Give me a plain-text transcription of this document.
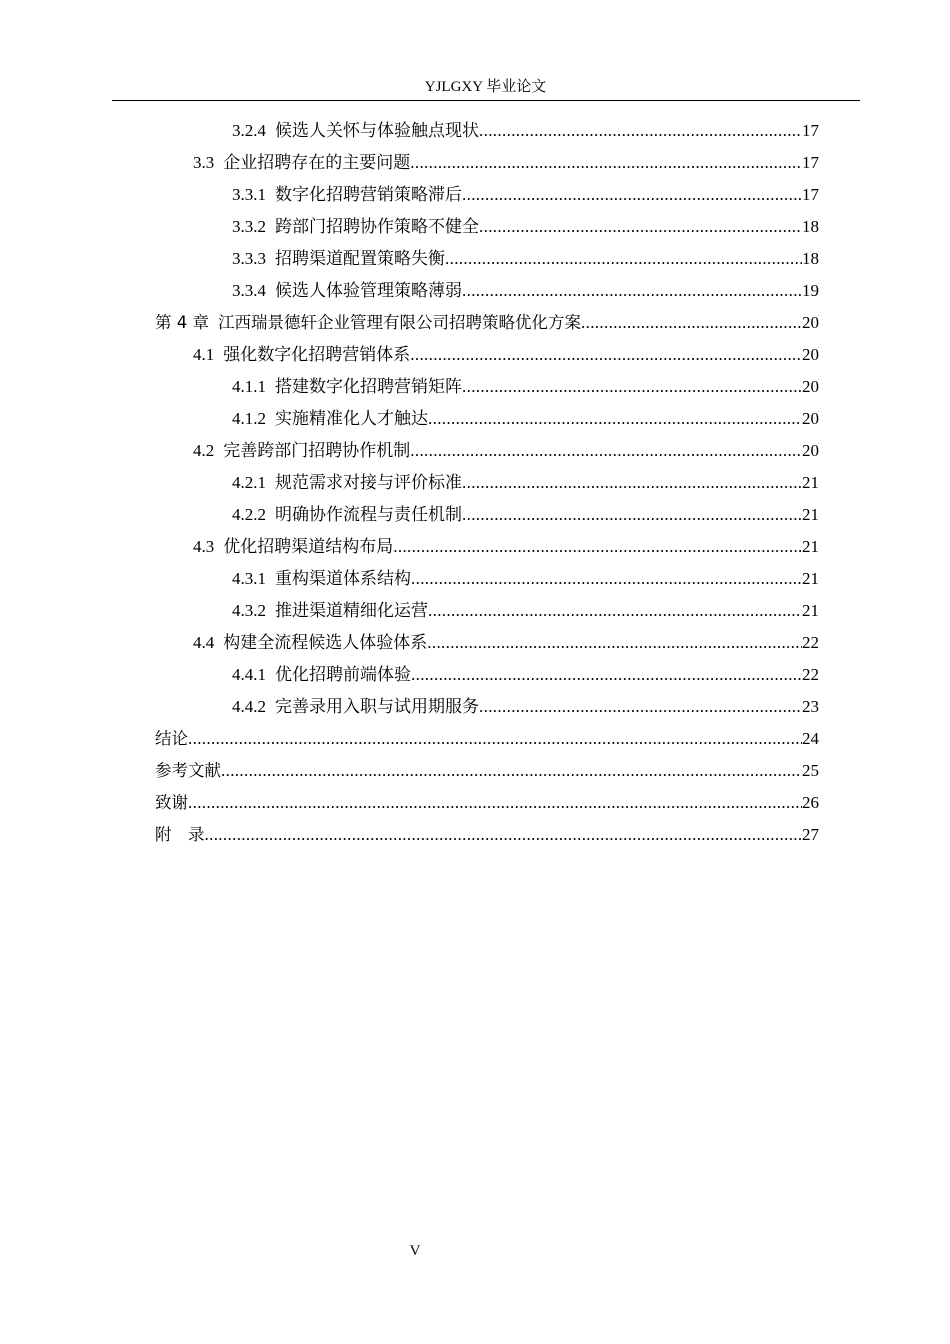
YJLGXY 毕业论文
3.2.4 候选人关怀与体验触点现状 .....	17
3.3 企业招聘存在的主要问题 .....	17
3.3.1 数字化招聘营销策略滞后 .....	17
3.3.2 跨部门招聘协作策略不健全 .....	18
3.3.3 招聘渠道配置策略失衡 .....	18
3.3.4 候选人体验管理策略薄弱 .....	19
第 4 章 江西瑞景德轩企业管理有限公司招聘策略优化方案 .....	20
4.1 强化数字化招聘营销体系 .....	20
4.1.1 搭建数字化招聘营销矩阵 .....	20
4.1.2 实施精准化人才触达 .....	20
4.2 完善跨部门招聘协作机制 .....	20
4.2.1 规范需求对接与评价标准 .....	21
4.2.2 明确协作流程与责任机制 .....	21
4.3 优化招聘渠道结构布局 .....	21
4.3.1 重构渠道体系结构 .....	21
4.3.2 推进渠道精细化运营 .....	21
4.4 构建全流程候选人体验体系 .....	22
4.4.1 优化招聘前端体验 .....	22
4.4.2 完善录用入职与试用期服务 .....	23
结论 .....	24
参考文献 .....	25
致谢 .....	26
附　录 .....	27
V
